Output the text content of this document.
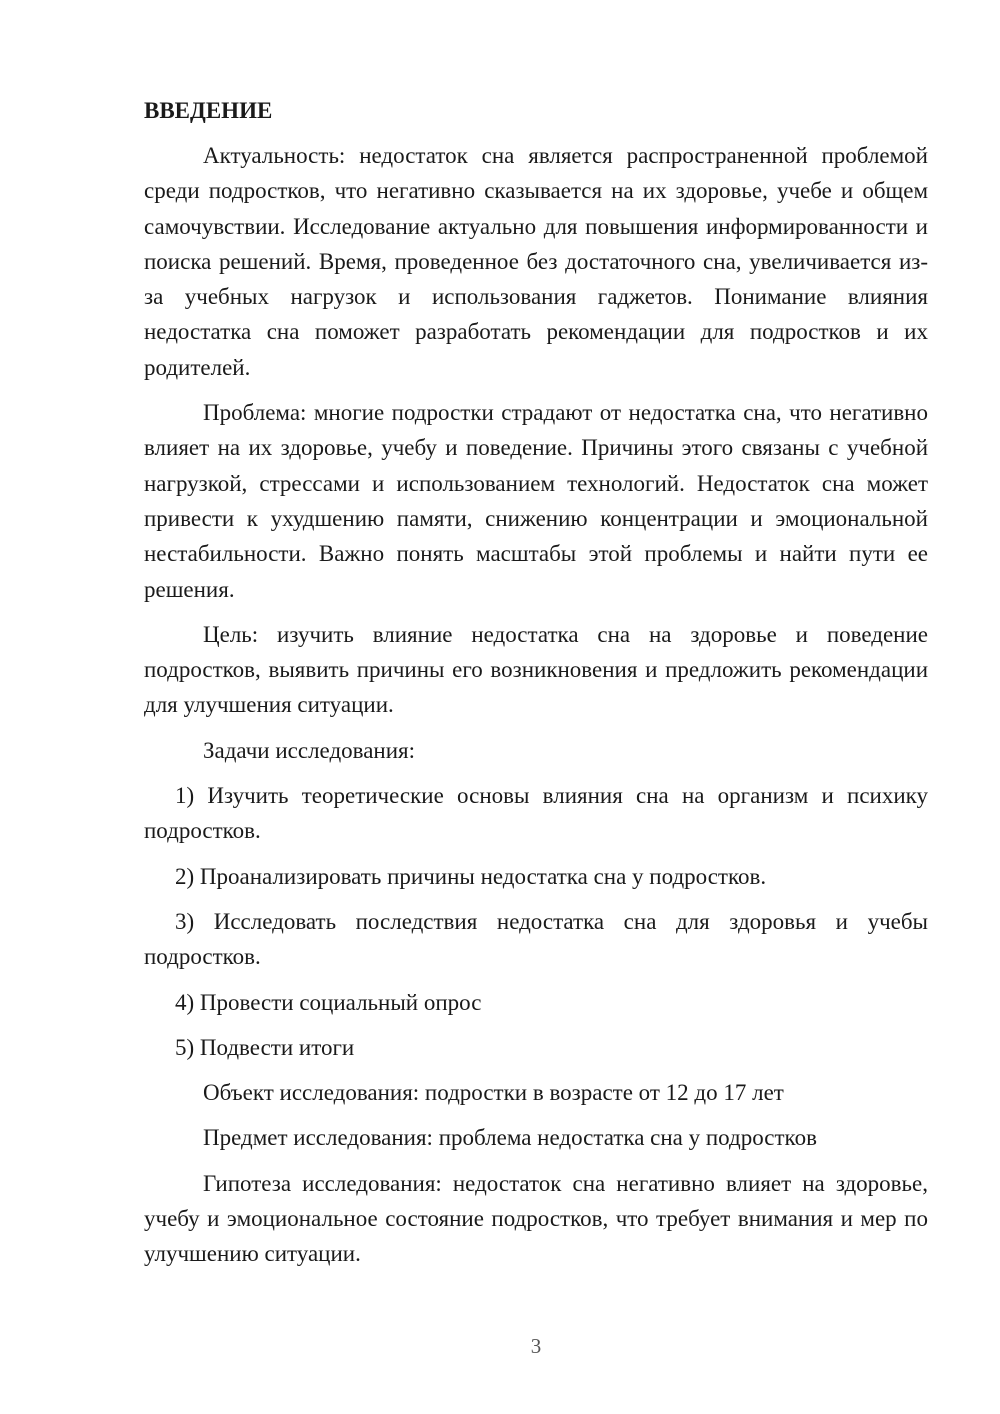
ВВЕДЕНИЕ

Актуальность: недостаток сна является распространенной проблемой среди подростков, что негативно сказывается на их здоровье, учебе и общем самочувствии. Исследование актуально для повышения информированности и поиска решений. Время, проведенное без достаточного сна, увеличивается из-за учебных нагрузок и использования гаджетов. Понимание влияния недостатка сна поможет разработать рекомендации для подростков и их родителей.

Проблема: многие подростки страдают от недостатка сна, что негативно влияет на их здоровье, учебу и поведение. Причины этого связаны с учебной нагрузкой, стрессами и использованием технологий. Недостаток сна может привести к ухудшению памяти, снижению концентрации и эмоциональной нестабильности. Важно понять масштабы этой проблемы и найти пути ее решения.

Цель: изучить влияние недостатка сна на здоровье и поведение подростков, выявить причины его возникновения и предложить рекомендации для улучшения ситуации.

Задачи исследования:

1) Изучить теоретические основы влияния сна на организм и психику подростков.

2) Проанализировать причины недостатка сна у подростков.

3) Исследовать последствия недостатка сна для здоровья и учебы подростков.

4) Провести социальный опрос

5) Подвести итоги

Объект исследования: подростки в возрасте от 12 до 17 лет

Предмет исследования: проблема недостатка сна у подростков

Гипотеза исследования: недостаток сна негативно влияет на здоровье, учебу и эмоциональное состояние подростков, что требует внимания и мер по улучшению ситуации.

3
